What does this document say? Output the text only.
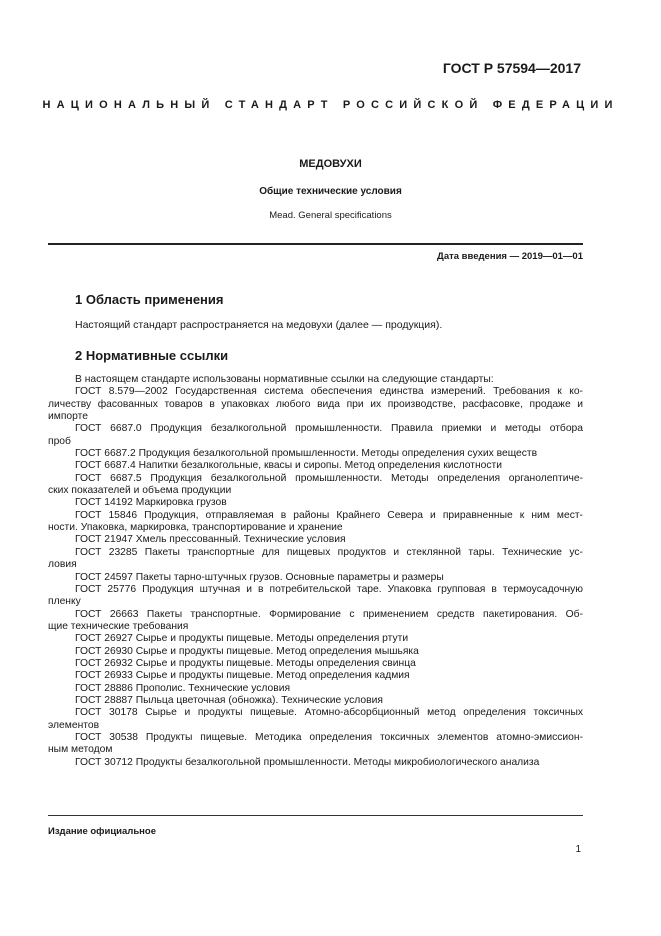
ГОСТ Р 57594—2017
НАЦИОНАЛЬНЫЙ СТАНДАРТ РОССИЙСКОЙ ФЕДЕРАЦИИ
МЕДОВУХИ
Общие технические условия
Mead. General specifications
Дата введения — 2019—01—01
1 Область применения
Настоящий стандарт распространяется на медовухи (далее — продукция).
2 Нормативные ссылки
В настоящем стандарте использованы нормативные ссылки на следующие стандарты:
ГОСТ 8.579—2002 Государственная система обеспечения единства измерений. Требования к ко-
личеству фасованных товаров в упаковках любого вида при их производстве, расфасовке, продаже и
импорте
ГОСТ 6687.0 Продукция безалкогольной промышленности. Правила приемки и методы отбора
проб
ГОСТ 6687.2 Продукция безалкогольной промышленности. Методы определения сухих веществ
ГОСТ 6687.4 Напитки безалкогольные, квасы и сиропы. Метод определения кислотности
ГОСТ 6687.5 Продукция безалкогольной промышленности. Методы определения органолептиче-
ских показателей и объема продукции
ГОСТ 14192 Маркировка грузов
ГОСТ 15846 Продукция, отправляемая в районы Крайнего Севера и приравненные к ним мест-
ности. Упаковка, маркировка, транспортирование и хранение
ГОСТ 21947 Хмель прессованный. Технические условия
ГОСТ 23285 Пакеты транспортные для пищевых продуктов и стеклянной тары. Технические ус-
ловия
ГОСТ 24597 Пакеты тарно-штучных грузов. Основные параметры и размеры
ГОСТ 25776 Продукция штучная и в потребительской таре. Упаковка групповая в термоусадочную
пленку
ГОСТ 26663 Пакеты транспортные. Формирование с применением средств пакетирования. Об-
щие технические требования
ГОСТ 26927 Сырье и продукты пищевые. Методы определения ртути
ГОСТ 26930 Сырье и продукты пищевые. Метод определения мышьяка
ГОСТ 26932 Сырье и продукты пищевые. Методы определения свинца
ГОСТ 26933 Сырье и продукты пищевые. Метод определения кадмия
ГОСТ 28886 Прополис. Технические условия
ГОСТ 28887 Пыльца цветочная (обножка). Технические условия
ГОСТ 30178 Сырье и продукты пищевые. Атомно-абсорбционный метод определения токсичных
элементов
ГОСТ 30538 Продукты пищевые. Методика определения токсичных элементов атомно-эмиссион-
ным методом
ГОСТ 30712 Продукты безалкогольной промышленности. Методы микробиологического анализа
Издание официальное
1
